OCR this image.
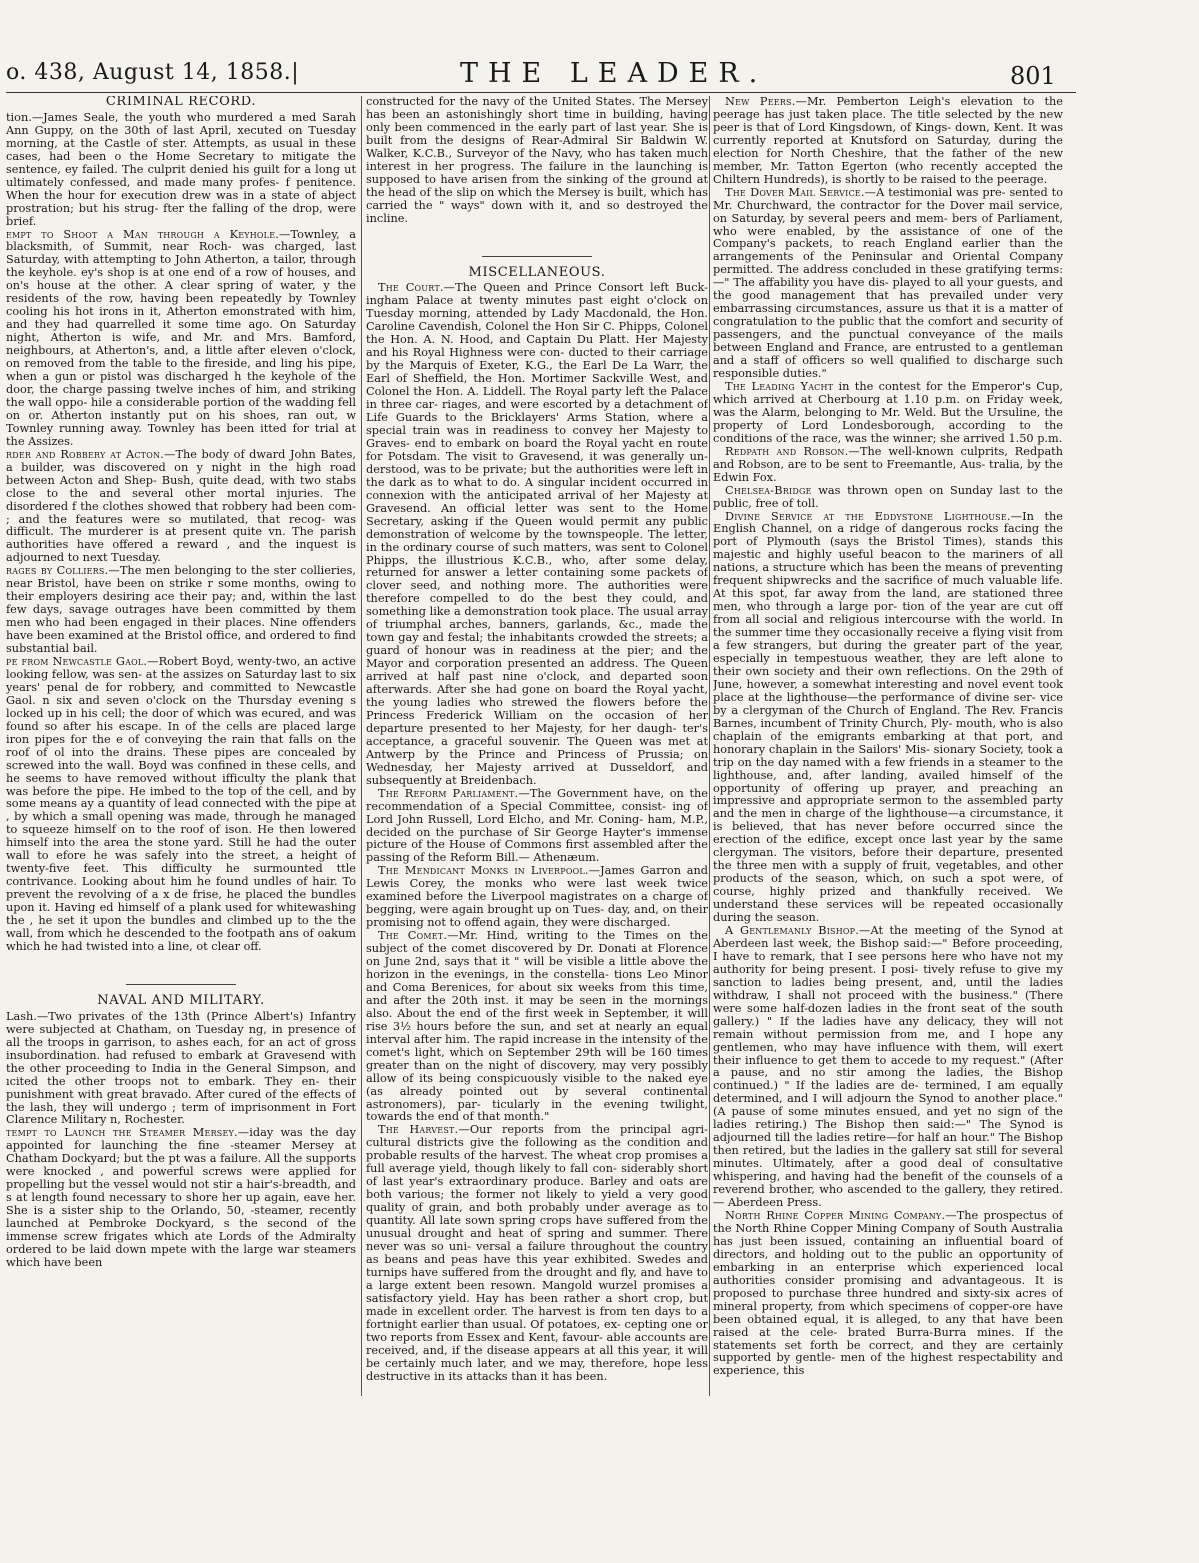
o. 438, August 14, 1858.|	THE LEADER.	801
CRIMINAL RECORD.

tion.—James Seale, the youth who murdered a med Sarah Ann Guppy, on the 30th of last April, xecuted on Tuesday morning, at the Castle of ster. Attempts, as usual in these cases, had been o the Home Secretary to mitigate the sentence, ey failed. The culprit denied his guilt for a long ut ultimately confessed, and made many profes- f penitence. When the hour for execution drew was in a state of abject prostration; but his strug- fter the falling of the drop, were brief.

empt to Shoot a Man through a Keyhole.—Townley, a blacksmith, of Summit, near Roch- was charged, last Saturday, with attempting to John Atherton, a tailor, through the keyhole. ey's shop is at one end of a row of houses, and on's house at the other. A clear spring of water, y the residents of the row, having been repeatedly by Townley cooling his hot irons in it, Atherton emonstrated with him, and they had quarrelled it some time ago. On Saturday night, Atherton is wife, and Mr. and Mrs. Bamford, neighbours, at Atherton's, and, a little after eleven o'clock, on removed from the table to the fireside, and ling his pipe, when a gun or pistol was discharged h the keyhole of the door, the charge passing twelve inches of him, and striking the wall oppo- hile a considerable portion of the wadding fell on or. Atherton instantly put on his shoes, ran out, w Townley running away. Townley has been itted for trial at the Assizes.

rder and Robbery at Acton.—The body of dward John Bates, a builder, was discovered on y night in the high road between Acton and Shep- Bush, quite dead, with two stabs close to the and several other mortal injuries. The disordered f the clothes showed that robbery had been com- ; and the features were so mutilated, that recog- was difficult. The murderer is at present quite vn. The parish authorities have offered a reward , and the inquest is adjourned to next Tuesday.

rages by Colliers.—The men belonging to the ster collieries, near Bristol, have been on strike r some months, owing to their employers desiring ace their pay; and, within the last few days, savage outrages have been committed by them men who had been engaged in their places. Nine offenders have been examined at the Bristol office, and ordered to find substantial bail.

pe from Newcastle Gaol.—Robert Boyd, wenty-two, an active looking fellow, was sen- at the assizes on Saturday last to six years' penal de for robbery, and committed to Newcastle Gaol. n six and seven o'clock on the Thursday evening s locked up in his cell; the door of which was ecured, and was found so after his escape. In of the cells are placed large iron pipes for the e of conveying the rain that falls on the roof of ol into the drains. These pipes are concealed by screwed into the wall. Boyd was confined in these cells, and he seems to have removed without ifficulty the plank that was before the pipe. He imbed to the top of the cell, and by some means ay a quantity of lead connected with the pipe at , by which a small opening was made, through he managed to squeeze himself on to the roof of ison. He then lowered himself into the area the stone yard. Still he had the outer wall to efore he was safely into the street, a height of twenty-five feet. This difficulty he surmounted ttle contrivance. Looking about him he found undles of hair. To prevent the revolving of a x de frise, he placed the bundles upon it. Having ed himself of a plank used for whitewashing the , he set it upon the bundles and climbed up to the the wall, from which he descended to the footpath ans of oakum which he had twisted into a line, ot clear off.

NAVAL AND MILITARY.

Lash.—Two privates of the 13th (Prince Albert's) Infantry were subjected at Chatham, on Tuesday ng, in presence of all the troops in garrison, to ashes each, for an act of gross insubordination. had refused to embark at Gravesend with the other proceeding to India in the General Simpson, and ıcited the other troops not to embark. They en- their punishment with great bravado. After cured of the effects of the lash, they will undergo ; term of imprisonment in Fort Clarence Military n, Rochester.

tempt to Launch the Steamer Mersey.—iday was the day appointed for launching the fine -steamer Mersey at Chatham Dockyard; but the pt was a failure. All the supports were knocked , and powerful screws were applied for propelling but the vessel would not stir a hair's-breadth, and s at length found necessary to shore her up again, eave her. She is a sister ship to the Orlando, 50, -steamer, recently launched at Pembroke Dockyard, s the second of the immense screw frigates which ate Lords of the Admiralty ordered to be laid down mpete with the large war steamers which have been

constructed for the navy of the United States. The Mersey has been an astonishingly short time in building, having only been commenced in the early part of last year. She is built from the designs of Rear-Admiral Sir Baldwin W. Walker, K.C.B., Surveyor of the Navy, who has taken much interest in her progress. The failure in the launching is supposed to have arisen from the sinking of the ground at the head of the slip on which the Mersey is built, which has carried the " ways" down with it, and so destroyed the incline.

MISCELLANEOUS.

The Court.—The Queen and Prince Consort left Buck- ingham Palace at twenty minutes past eight o'clock on Tuesday morning, attended by Lady Macdonald, the Hon. Caroline Cavendish, Colonel the Hon Sir C. Phipps, Colonel the Hon. A. N. Hood, and Captain Du Platt. Her Majesty and his Royal Highness were con- ducted to their carriage by the Marquis of Exeter, K.G., the Earl De La Warr, the Earl of Sheffield, the Hon. Mortimer Sackville West, and Colonel the Hon. A. Liddell. The Royal party left the Palace in three car- riages, and were escorted by a detachment of Life Guards to the Bricklayers' Arms Station, where a special train was in readiness to convey her Majesty to Graves- end to embark on board the Royal yacht en route for Potsdam. The visit to Gravesend, it was generally un- derstood, was to be private; but the authorities were left in the dark as to what to do. A singular incident occurred in connexion with the anticipated arrival of her Majesty at Gravesend. An official letter was sent to the Home Secretary, asking if the Queen would permit any public demonstration of welcome by the townspeople. The letter, in the ordinary course of such matters, was sent to Colonel Phipps, the illustrious K.C.B., who, after some delay, returned for answer a letter containing some packets of clover seed, and nothing more. The authorities were therefore compelled to do the best they could, and something like a demonstration took place. The usual array of triumphal arches, banners, garlands, &c., made the town gay and festal; the inhabitants crowded the streets; a guard of honour was in readiness at the pier; and the Mayor and corporation presented an address. The Queen arrived at half past nine o'clock, and departed soon afterwards. After she had gone on board the Royal yacht, the young ladies who strewed the flowers before the Princess Frederick William on the occasion of her departure presented to her Majesty, for her daugh- ter's acceptance, a graceful souvenir. The Queen was met at Antwerp by the Prince and Princess of Prussia; on Wednesday, her Majesty arrived at Dusseldorf, and subsequently at Breidenbach.

The Reform Parliament.—The Government have, on the recommendation of a Special Committee, consist- ing of Lord John Russell, Lord Elcho, and Mr. Coning- ham, M.P., decided on the purchase of Sir George Hayter's immense picture of the House of Commons first assembled after the passing of the Reform Bill.— Athenæum.

The Mendicant Monks in Liverpool.—James Garron and Lewis Corey, the monks who were last week twice examined before the Liverpool magistrates on a charge of begging, were again brought up on Tues- day, and, on their promising not to offend again, they were discharged.

The Comet.—Mr. Hind, writing to the Times on the subject of the comet discovered by Dr. Donati at Florence on June 2nd, says that it " will be visible a little above the horizon in the evenings, in the constella- tions Leo Minor and Coma Berenices, for about six weeks from this time, and after the 20th inst. it may be seen in the mornings also. About the end of the first week in September, it will rise 3½ hours before the sun, and set at nearly an equal interval after him. The rapid increase in the intensity of the comet's light, which on September 29th will be 160 times greater than on the night of discovery, may very possibly allow of its being conspicuously visible to the naked eye (as already pointed out by several continental astronomers), par- ticularly in the evening twilight, towards the end of that month."

The Harvest.—Our reports from the principal agri- cultural districts give the following as the condition and probable results of the harvest. The wheat crop promises a full average yield, though likely to fall con- siderably short of last year's extraordinary produce. Barley and oats are both various; the former not likely to yield a very good quality of grain, and both probably under average as to quantity. All late sown spring crops have suffered from the unusual drought and heat of spring and summer. There never was so uni- versal a failure throughout the country as beans and peas have this year exhibited. Swedes and turnips have suffered from the drought and fly, and have to a large extent been resown. Mangold wurzel promises a satisfactory yield. Hay has been rather a short crop, but made in excellent order. The harvest is from ten days to a fortnight earlier than usual. Of potatoes, ex- cepting one or two reports from Essex and Kent, favour- able accounts are received, and, if the disease appears at all this year, it will be certainly much later, and we may, therefore, hope less destructive in its attacks than it has been.

New Peers.—Mr. Pemberton Leigh's elevation to the peerage has just taken place. The title selected by the new peer is that of Lord Kingsdown, of Kings- down, Kent. It was currently reported at Knutsford on Saturday, during the election for North Cheshire, that the father of the new member, Mr. Tatton Egerton (who recently accepted the Chiltern Hundreds), is shortly to be raised to the peerage.

The Dover Mail Service.—A testimonial was pre- sented to Mr. Churchward, the contractor for the Dover mail service, on Saturday, by several peers and mem- bers of Parliament, who were enabled, by the assistance of one of the Company's packets, to reach England earlier than the arrangements of the Peninsular and Oriental Company permitted. The address concluded in these gratifying terms:—" The affability you have dis- played to all your guests, and the good management that has prevailed under very embarrassing circumstances, assure us that it is a matter of congratulation to the public that the comfort and security of passengers, and the punctual conveyance of the mails between England and France, are entrusted to a gentleman and a staff of officers so well qualified to discharge such responsible duties."

The Leading Yacht in the contest for the Emperor's Cup, which arrived at Cherbourg at 1.10 p.m. on Friday week, was the Alarm, belonging to Mr. Weld. But the Ursuline, the property of Lord Londesborough, according to the conditions of the race, was the winner; she arrived 1.50 p.m.

Redpath and Robson.—The well-known culprits, Redpath and Robson, are to be sent to Freemantle, Aus- tralia, by the Edwin Fox.

Chelsea-Bridge was thrown open on Sunday last to the public, free of toll.

Divine Service at the Eddystone Lighthouse.—In the English Channel, on a ridge of dangerous rocks facing the port of Plymouth (says the Bristol Times), stands this majestic and highly useful beacon to the mariners of all nations, a structure which has been the means of preventing frequent shipwrecks and the sacrifice of much valuable life. At this spot, far away from the land, are stationed three men, who through a large por- tion of the year are cut off from all social and religious intercourse with the world. In the summer time they occasionally receive a flying visit from a few strangers, but during the greater part of the year, especially in tempestuous weather, they are left alone to their own society and their own reflections. On the 29th of June, however, a somewhat interesting and novel event took place at the lighthouse—the performance of divine ser- vice by a clergyman of the Church of England. The Rev. Francis Barnes, incumbent of Trinity Church, Ply- mouth, who is also chaplain of the emigrants embarking at that port, and honorary chaplain in the Sailors' Mis- sionary Society, took a trip on the day named with a few friends in a steamer to the lighthouse, and, after landing, availed himself of the opportunity of offering up prayer, and preaching an impressive and appropriate sermon to the assembled party and the men in charge of the lighthouse—a circumstance, it is believed, that has never before occurred since the erection of the edifice, except once last year by the same clergyman. The visitors, before their departure, presented the three men with a supply of fruit, vegetables, and other products of the season, which, on such a spot were, of course, highly prized and thankfully received. We understand these services will be repeated occasionally during the season.

A Gentlemanly Bishop.—At the meeting of the Synod at Aberdeen last week, the Bishop said:—" Before proceeding, I have to remark, that I see persons here who have not my authority for being present. I posi- tively refuse to give my sanction to ladies being present, and, until the ladies withdraw, I shall not proceed with the business." (There were some half-dozen ladies in the front seat of the south gallery.) " If the ladies have any delicacy, they will not remain without permission from me, and I hope any gentlemen, who may have influence with them, will exert their influence to get them to accede to my request." (After a pause, and no stir among the ladies, the Bishop continued.) " If the ladies are de- termined, I am equally determined, and I will adjourn the Synod to another place." (A pause of some minutes ensued, and yet no sign of the ladies retiring.) The Bishop then said:—" The Synod is adjourned till the ladies retire—for half an hour." The Bishop then retired, but the ladies in the gallery sat still for several minutes. Ultimately, after a good deal of consultative whispering, and having had the benefit of the counsels of a reverend brother, who ascended to the gallery, they retired.— Aberdeen Press.

North Rhine Copper Mining Company.—The prospectus of the North Rhine Copper Mining Company of South Australia has just been issued, containing an influential board of directors, and holding out to the public an opportunity of embarking in an enterprise which experienced local authorities consider promising and advantageous. It is proposed to purchase three hundred and sixty-six acres of mineral property, from which specimens of copper-ore have been obtained equal, it is alleged, to any that have been raised at the cele- brated Burra-Burra mines. If the statements set forth be correct, and they are certainly supported by gentle- men of the highest respectability and experience, this
